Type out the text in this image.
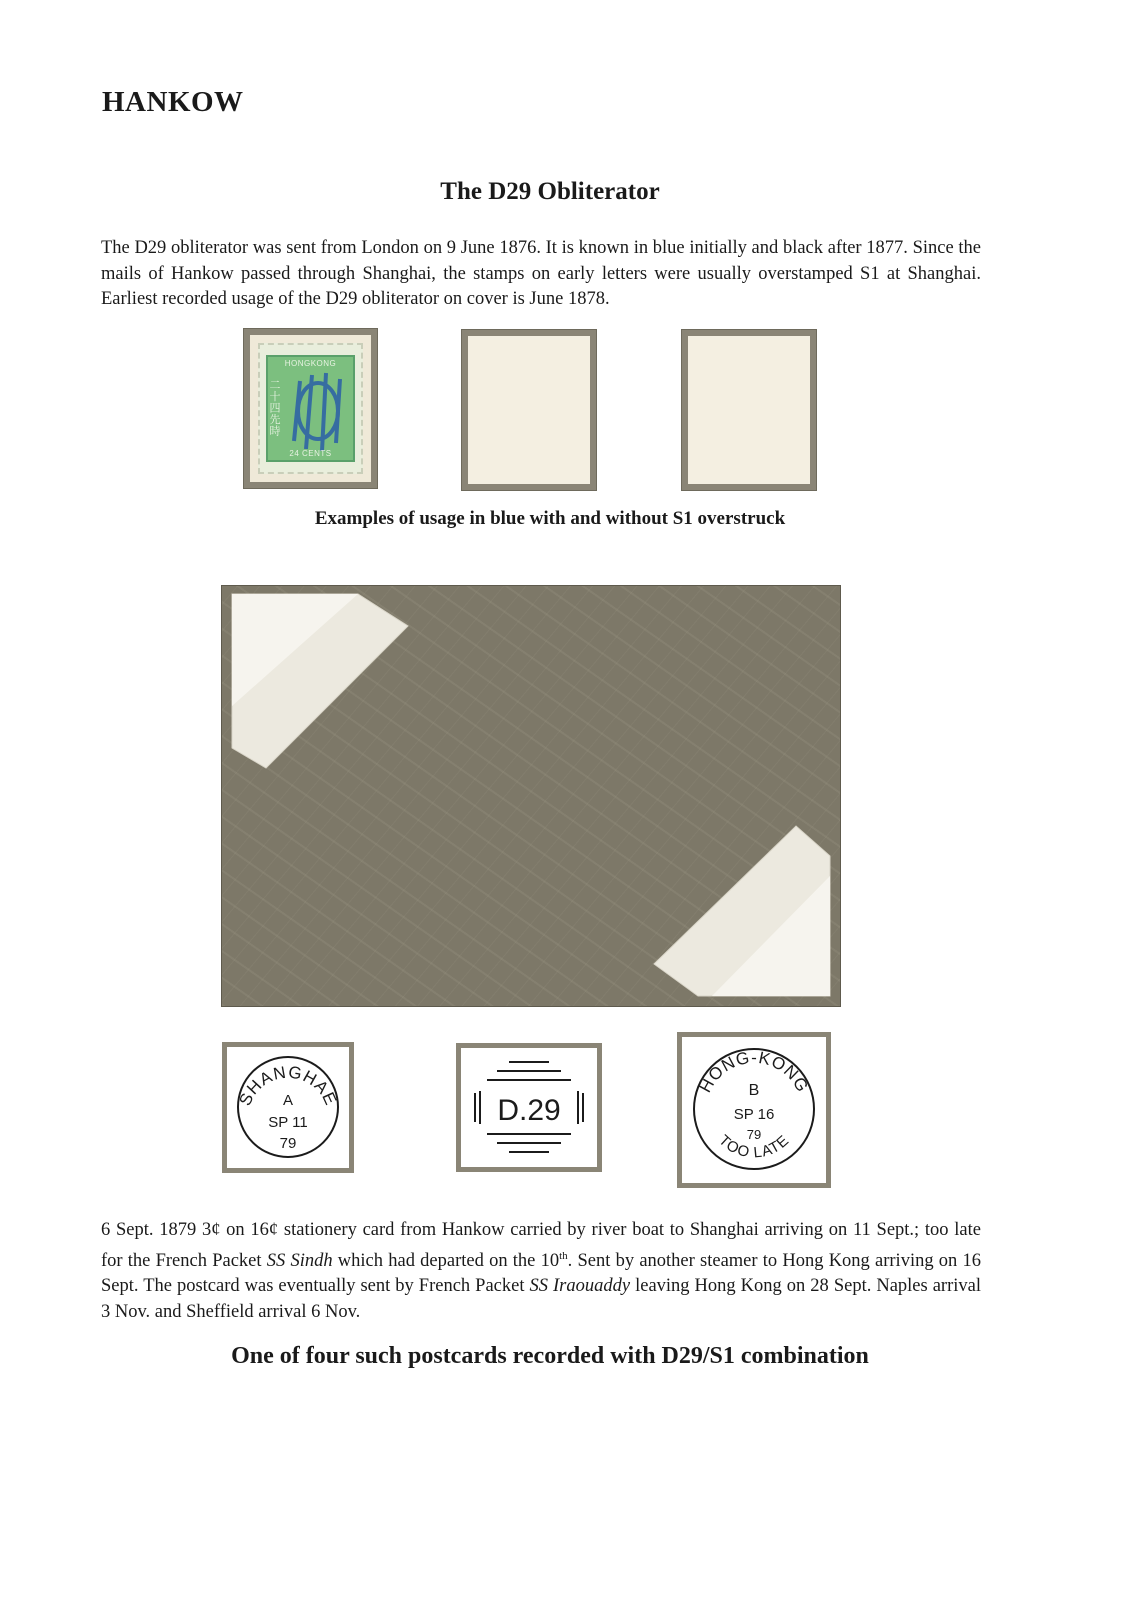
HANKOW
The D29 Obliterator
The D29 obliterator was sent from London on 9 June 1876. It is known in blue initially and black after 1877. Since the mails of Hankow passed through Shanghai, the stamps on early letters were usually overstamped S1 at Shanghai. Earliest recorded usage of the D29 obliterator on cover is June 1878.
HONGKONG
二十四先時
24 CENTS
Examples of usage in blue with and without S1 overstruck
SHANGHAE
A
SP 11
79
D.29
HONG-KONG
B
SP 16
79
TOO LATE
6 Sept. 1879 3¢ on 16¢ stationery card from Hankow carried by river boat to Shanghai arriving on 11 Sept.; too late for the French Packet SS Sindh which had departed on the 10th. Sent by another steamer to Hong Kong arriving on 16 Sept. The postcard was eventually sent by French Packet SS Iraouaddy leaving Hong Kong on 28 Sept. Naples arrival 3 Nov. and Sheffield arrival 6 Nov.
One of four such postcards recorded with D29/S1 combination
